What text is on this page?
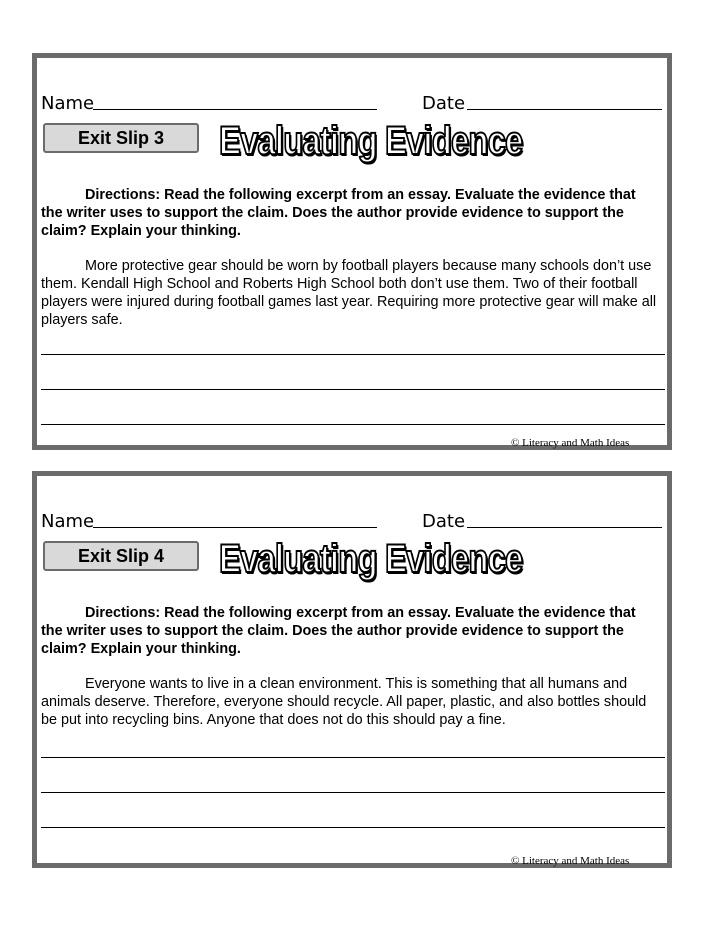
Name	Date
Exit Slip 3	Evaluating Evidence

Directions: Read the following excerpt from an essay. Evaluate the evidence that the writer uses to support the claim. Does the author provide evidence to support the claim? Explain your thinking.

More protective gear should be worn by football players because many schools don’t use them. Kendall High School and Roberts High School both don’t use them. Two of their football players were injured during football games last year. Requiring more protective gear will make all players safe.

© Literacy and Math Ideas
Name	Date
Exit Slip 4	Evaluating Evidence

Directions: Read the following excerpt from an essay. Evaluate the evidence that the writer uses to support the claim. Does the author provide evidence to support the claim? Explain your thinking.

Everyone wants to live in a clean environment. This is something that all humans and animals deserve. Therefore, everyone should recycle. All paper, plastic, and also bottles should be put into recycling bins. Anyone that does not do this should pay a fine.

© Literacy and Math Ideas
